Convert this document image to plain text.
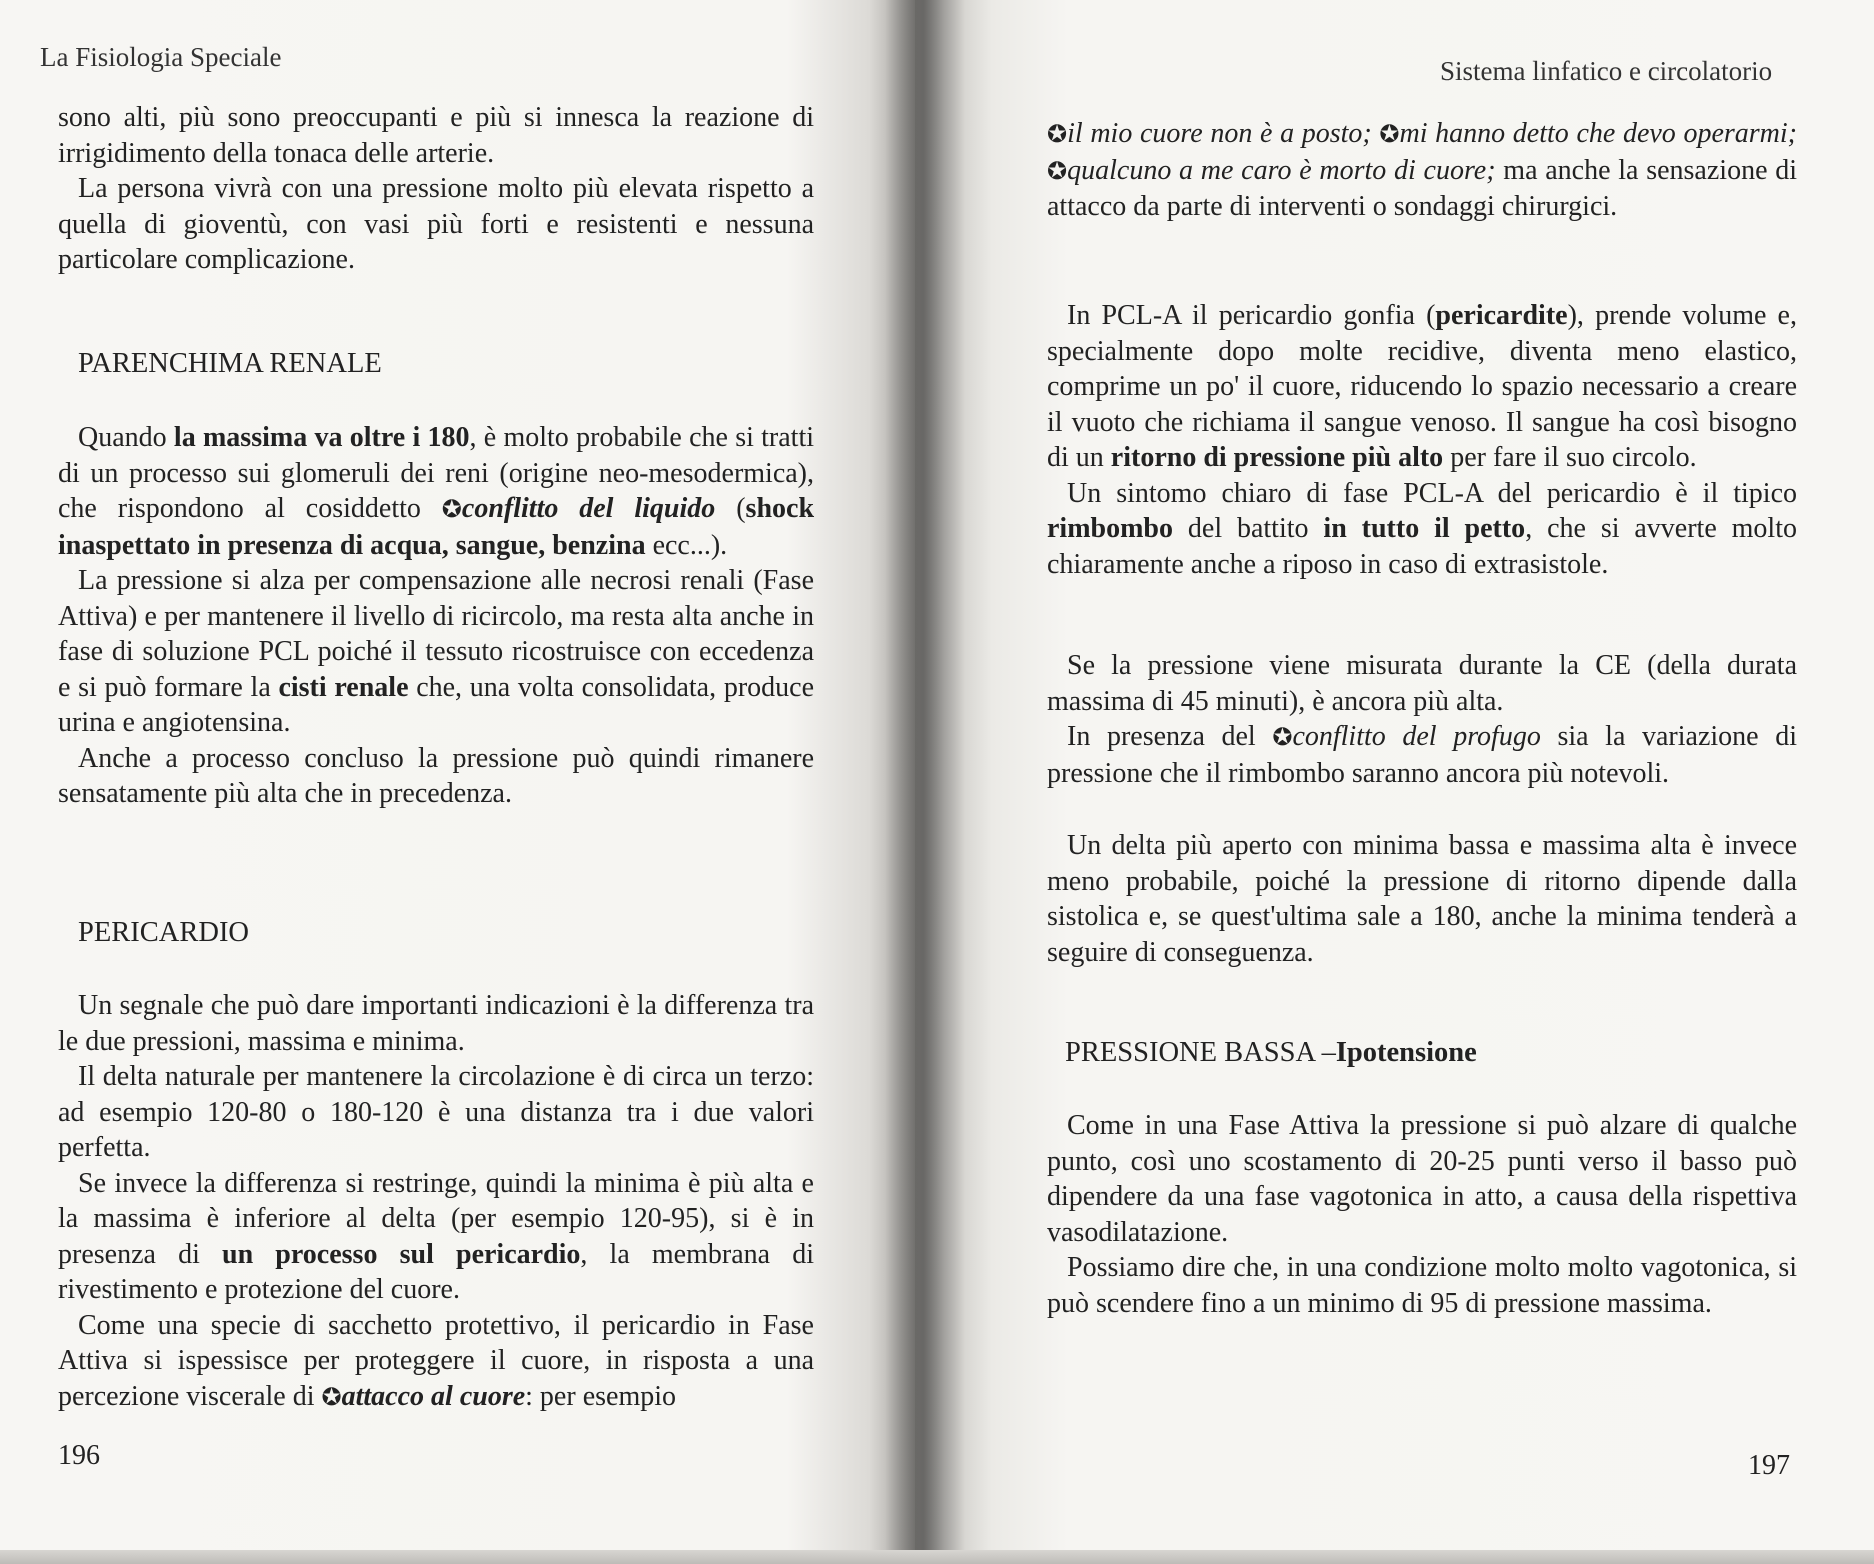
La Fisiologia Speciale

sono alti, più sono preoccupanti e più si innesca la reazione di irrigidimento della tonaca delle arterie.

La persona vivrà con una pressione molto più elevata rispetto a quella di gioventù, con vasi più forti e resistenti e nessuna particolare complicazione.

PARENCHIMA RENALE

Quando la massima va oltre i 180, è molto probabile che si tratti di un processo sui glomeruli dei reni (origine neo-mesodermica), che rispondono al cosiddetto ✪conflitto del liquido (shock inaspettato in presenza di acqua, sangue, benzina ecc...).

La pressione si alza per compensazione alle necrosi renali (Fase Attiva) e per mantenere il livello di ricircolo, ma resta alta anche in fase di soluzione PCL poiché il tessuto ricostruisce con eccedenza e si può formare la cisti renale che, una volta consolidata, produce urina e angiotensina.

Anche a processo concluso la pressione può quindi rimanere sensatamente più alta che in precedenza.

PERICARDIO

Un segnale che può dare importanti indicazioni è la differenza tra le due pressioni, massima e minima.

Il delta naturale per mantenere la circolazione è di circa un terzo: ad esempio 120-80 o 180-120 è una distanza tra i due valori perfetta.

Se invece la differenza si restringe, quindi la minima è più alta e la massima è inferiore al delta (per esempio 120-95), si è in presenza di un processo sul pericardio, la membrana di rivestimento e protezione del cuore.

Come una specie di sacchetto protettivo, il pericardio in Fase Attiva si ispessisce per proteggere il cuore, in risposta a una percezione viscerale di ✪attacco al cuore: per esempio

196
Sistema linfatico e circolatorio

✪il mio cuore non è a posto; ✪mi hanno detto che devo operarmi; ✪qualcuno a me caro è morto di cuore; ma anche la sensazione di attacco da parte di interventi o sondaggi chirurgici.

In PCL-A il pericardio gonfia (pericardite), prende volume e, specialmente dopo molte recidive, diventa meno elastico, comprime un po' il cuore, riducendo lo spazio necessario a creare il vuoto che richiama il sangue venoso. Il sangue ha così bisogno di un ritorno di pressione più alto per fare il suo circolo.

Un sintomo chiaro di fase PCL-A del pericardio è il tipico rimbombo del battito in tutto il petto, che si avverte molto chiaramente anche a riposo in caso di extrasistole.

Se la pressione viene misurata durante la CE (della durata massima di 45 minuti), è ancora più alta.

In presenza del ✪conflitto del profugo sia la variazione di pressione che il rimbombo saranno ancora più notevoli.

Un delta più aperto con minima bassa e massima alta è invece meno probabile, poiché la pressione di ritorno dipende dalla sistolica e, se quest'ultima sale a 180, anche la minima tenderà a seguire di conseguenza.

PRESSIONE BASSA –Ipotensione

Come in una Fase Attiva la pressione si può alzare di qualche punto, così uno scostamento di 20-25 punti verso il basso può dipendere da una fase vagotonica in atto, a causa della rispettiva vasodilatazione.

Possiamo dire che, in una condizione molto molto vagotonica, si può scendere fino a un minimo di 95 di pressione massima.

197
